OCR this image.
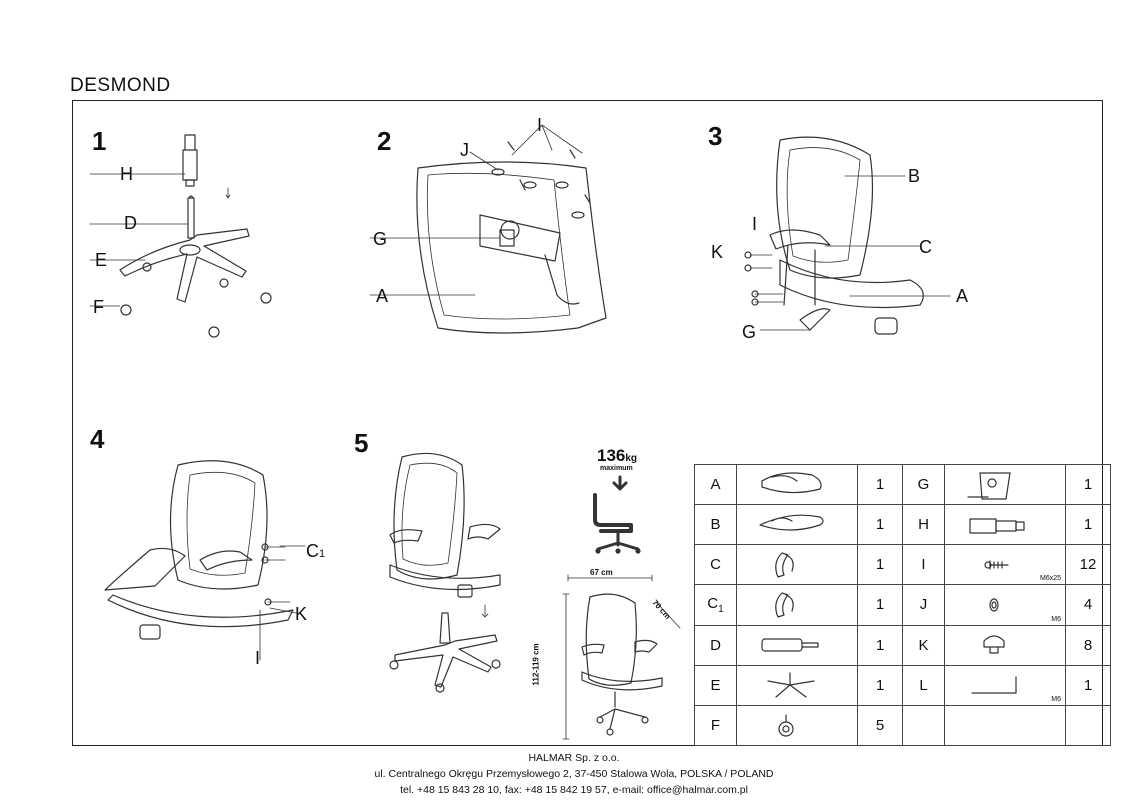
DESMOND
1	2	3
4	5
H
D
E
F
I
J
G
A
B
I
K	C
A
G
C1
K
I
136kg
maximum
67 cm
70 cm
112-119 cm
A		1	G		1
B		1	H		1
C		1	I	M6x25	12
$C_1$		1	J	M6	4
D		1	K		8
E		1	L	M6	1
F		5			
HALMAR Sp. z o.o.
ul. Centralnego Okręgu Przemysłowego 2, 37-450 Stalowa Wola, POLSKA / POLAND
tel. +48 15 843 28 10, fax: +48 15 842 19 57, e-mail: office@halmar.com.pl
